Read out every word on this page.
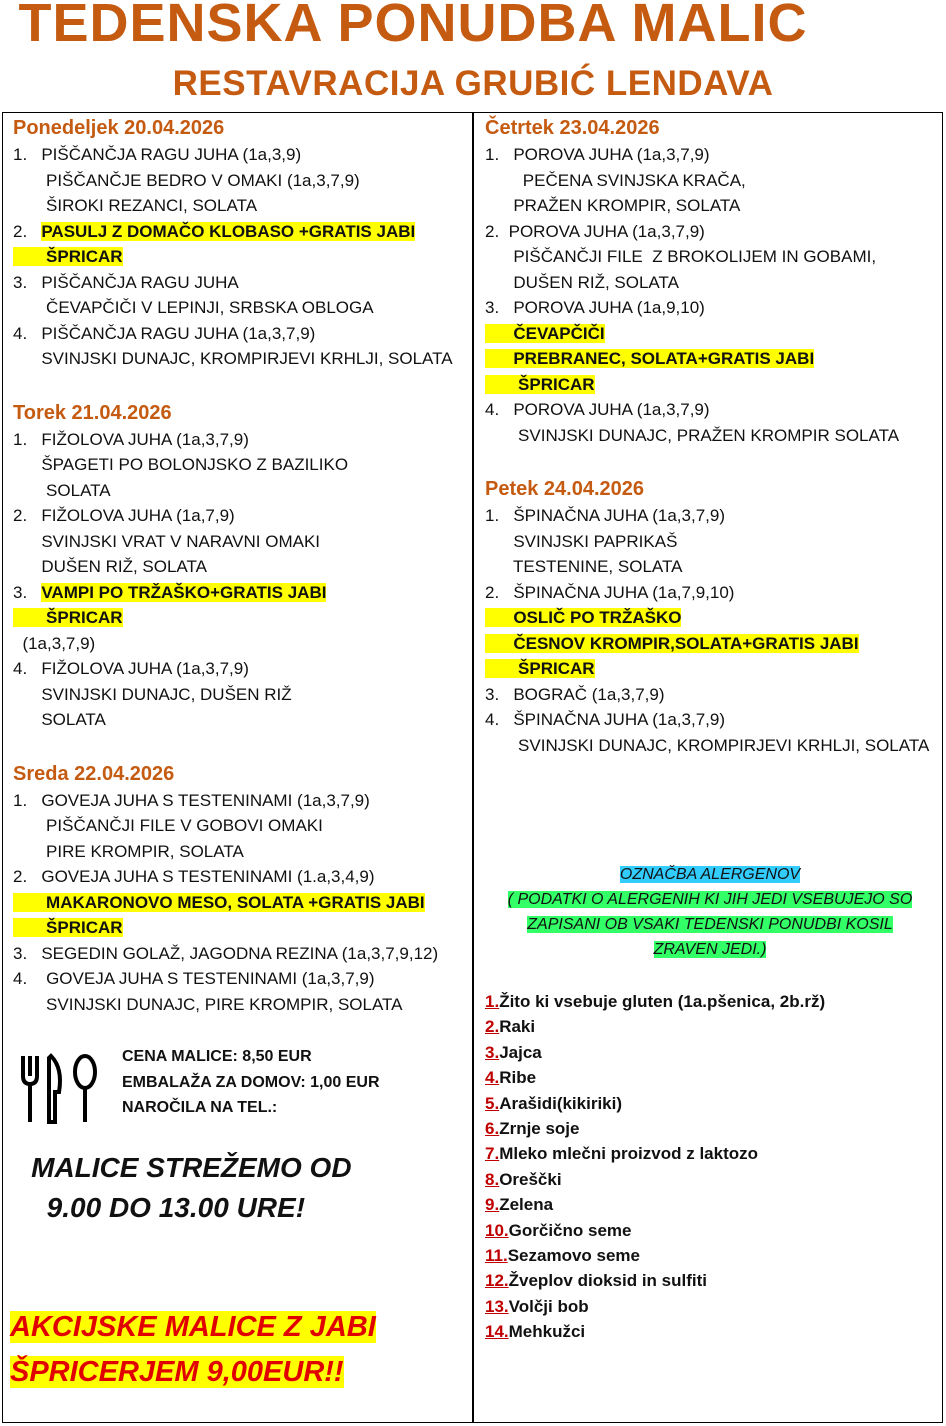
TEDENSKA PONUDBA MALIC
RESTAVRACIJA GRUBIĆ LENDAVA
Ponedeljek 20.04.2026
1.   PIŠČANČJA RAGU JUHA (1a,3,9)
PIŠČANČJE BEDRO V OMAKI (1a,3,7,9)
ŠIROKI REZANCI, SOLATA
2.   PASULJ Z DOMAČO KLOBASO +GRATIS JABI
ŠPRICAR
3.   PIŠČANČJA RAGU JUHA
ČEVAPČIČI V LEPINJI, SRBSKA OBLOGA
4.   PIŠČANČJA RAGU JUHA (1a,3,7,9)
SVINJSKI DUNAJC, KROMPIRJEVI KRHLJI, SOLATA
Torek 21.04.2026
1.   FIŽOLOVA JUHA (1a,3,7,9)
ŠPAGETI PO BOLONJSKO Z BAZILIKO
SOLATA
2.   FIŽOLOVA JUHA (1a,7,9)
SVINJSKI VRAT V NARAVNI OMAKI
DUŠEN RIŽ, SOLATA
3.   VAMPI PO TRŽAŠKO+GRATIS JABI
ŠPRICAR
(1a,3,7,9)
4.   FIŽOLOVA JUHA (1a,3,7,9)
SVINJSKI DUNAJC, DUŠEN RIŽ
SOLATA
Sreda 22.04.2026
1.   GOVEJA JUHA S TESTENINAMI (1a,3,7,9)
PIŠČANČJI FILE V GOBOVI OMAKI
PIRE KROMPIR, SOLATA
2.   GOVEJA JUHA S TESTENINAMI (1.a,3,4,9)
MAKARONOVO MESO, SOLATA +GRATIS JABI
ŠPRICAR
3.   SEGEDIN GOLAŽ, JAGODNA REZINA (1a,3,7,9,12)
4.    GOVEJA JUHA S TESTENINAMI (1a,3,7,9)
SVINJSKI DUNAJC, PIRE KROMPIR, SOLATA
Četrtek 23.04.2026
1.   POROVA JUHA (1a,3,7,9)
PEČENA SVINJSKA KRAČA,
PRAŽEN KROMPIR, SOLATA
2.  POROVA JUHA (1a,3,7,9)
PIŠČANČJI FILE  Z BROKOLIJEM IN GOBAMI,
DUŠEN RIŽ, SOLATA
3.   POROVA JUHA (1a,9,10)
ČEVAPČIČI
PREBRANEC, SOLATA+GRATIS JABI
ŠPRICAR
4.   POROVA JUHA (1a,3,7,9)
SVINJSKI DUNAJC, PRAŽEN KROMPIR SOLATA
Petek 24.04.2026
1.   ŠPINAČNA JUHA (1a,3,7,9)
SVINJSKI PAPRIKAŠ
TESTENINE, SOLATA
2.   ŠPINAČNA JUHA (1a,7,9,10)
OSLIČ PO TRŽAŠKO
ČESNOV KROMPIR,SOLATA+GRATIS JABI
ŠPRICAR
3.   BOGRAČ (1a,3,7,9)
4.   ŠPINAČNA JUHA (1a,3,7,9)
SVINJSKI DUNAJC, KROMPIRJEVI KRHLJI, SOLATA
CENA MALICE: 8,50 EUR
EMBALAŽA ZA DOMOV: 1,00 EUR
NAROČILA NA TEL.:
MALICE STREŽEMO OD
9.00 DO 13.00 URE!
AKCIJSKE MALICE Z JABI
ŠPRICERJEM 9,00EUR!!
OZNAČBA ALERGENOV
( PODATKI O ALERGENIH KI JIH JEDI VSEBUJEJO SO
ZAPISANI OB VSAKI TEDENSKI PONUDBI KOSIL
ZRAVEN JEDI.)
1.Žito ki vsebuje gluten (1a.pšenica, 2b.rž)
2.Raki
3.Jajca
4.Ribe
5.Arašidi(kikiriki)
6.Zrnje soje
7.Mleko mlečni proizvod z laktozo
8.Oreščki
9.Zelena
10.Gorčično seme
11.Sezamovo seme
12.Žveplov dioksid in sulfiti
13.Volčji bob
14.Mehkužci
